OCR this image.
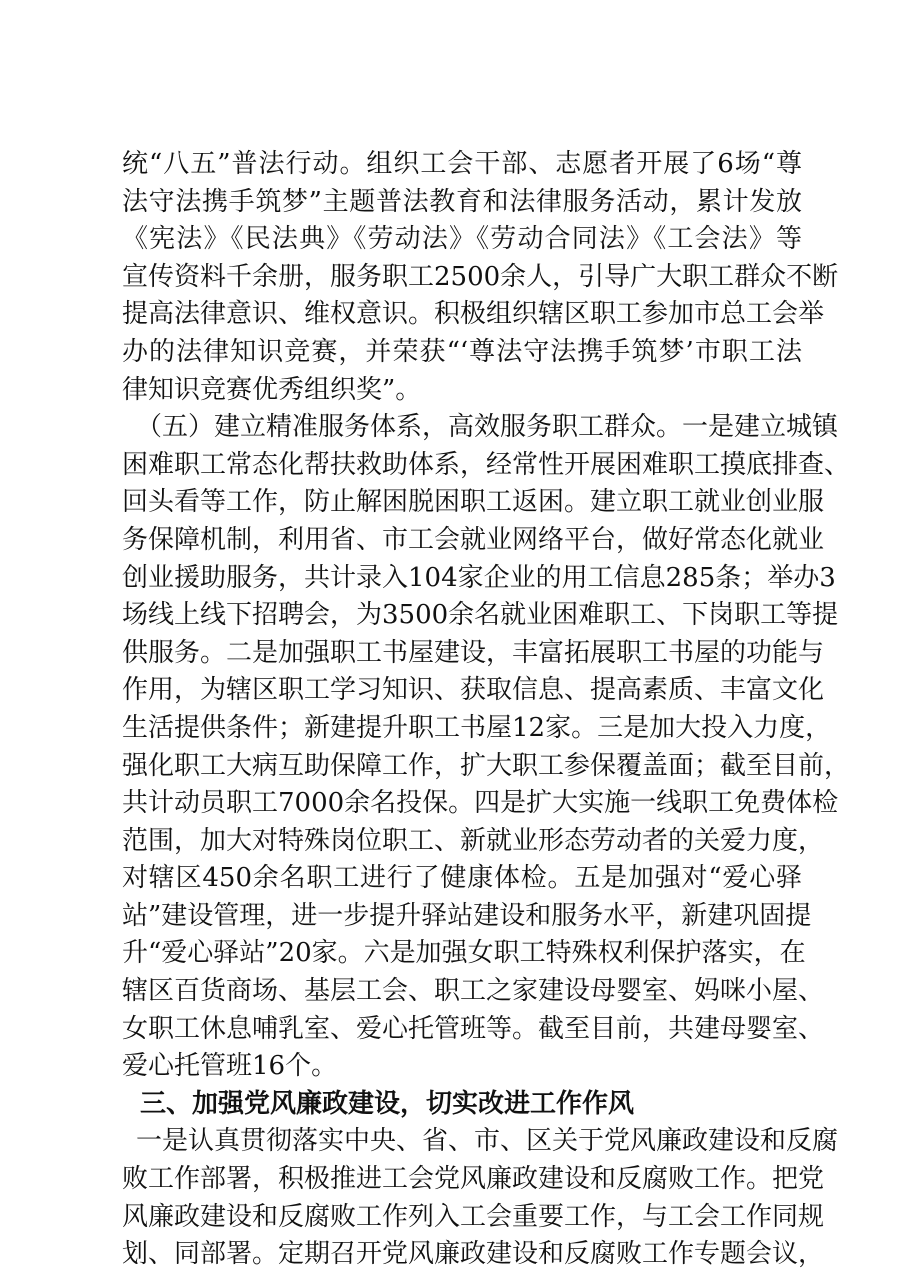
统“八五”普法行动。组织工会干部、志愿者开展了6场“尊
法守法携手筑梦”主题普法教育和法律服务活动，累计发放
《宪法》《民法典》《劳动法》《劳动合同法》《工会法》等
宣传资料千余册，服务职工2500余人，引导广大职工群众不断
提高法律意识、维权意识。积极组织辖区职工参加市总工会举
办的法律知识竞赛，并荣获“‘尊法守法携手筑梦’市职工法
律知识竞赛优秀组织奖”。
（五）建立精准服务体系，高效服务职工群众。一是建立城镇
困难职工常态化帮扶救助体系，经常性开展困难职工摸底排查、
回头看等工作，防止解困脱困职工返困。建立职工就业创业服
务保障机制，利用省、市工会就业网络平台，做好常态化就业
创业援助服务，共计录入104家企业的用工信息285条；举办3
场线上线下招聘会，为3500余名就业困难职工、下岗职工等提
供服务。二是加强职工书屋建设，丰富拓展职工书屋的功能与
作用，为辖区职工学习知识、获取信息、提高素质、丰富文化
生活提供条件；新建提升职工书屋12家。三是加大投入力度，
强化职工大病互助保障工作，扩大职工参保覆盖面；截至目前，
共计动员职工7000余名投保。四是扩大实施一线职工免费体检
范围，加大对特殊岗位职工、新就业形态劳动者的关爱力度，
对辖区450余名职工进行了健康体检。五是加强对“爱心驿
站”建设管理，进一步提升驿站建设和服务水平，新建巩固提
升“爱心驿站”20家。六是加强女职工特殊权利保护落实，在
辖区百货商场、基层工会、职工之家建设母婴室、妈咪小屋、
女职工休息哺乳室、爱心托管班等。截至目前，共建母婴室、
爱心托管班16个。
三、加强党风廉政建设，切实改进工作作风
一是认真贯彻落实中央、省、市、区关于党风廉政建设和反腐
败工作部署，积极推进工会党风廉政建设和反腐败工作。把党
风廉政建设和反腐败工作列入工会重要工作，与工会工作同规
划、同部署。定期召开党风廉政建设和反腐败工作专题会议，
